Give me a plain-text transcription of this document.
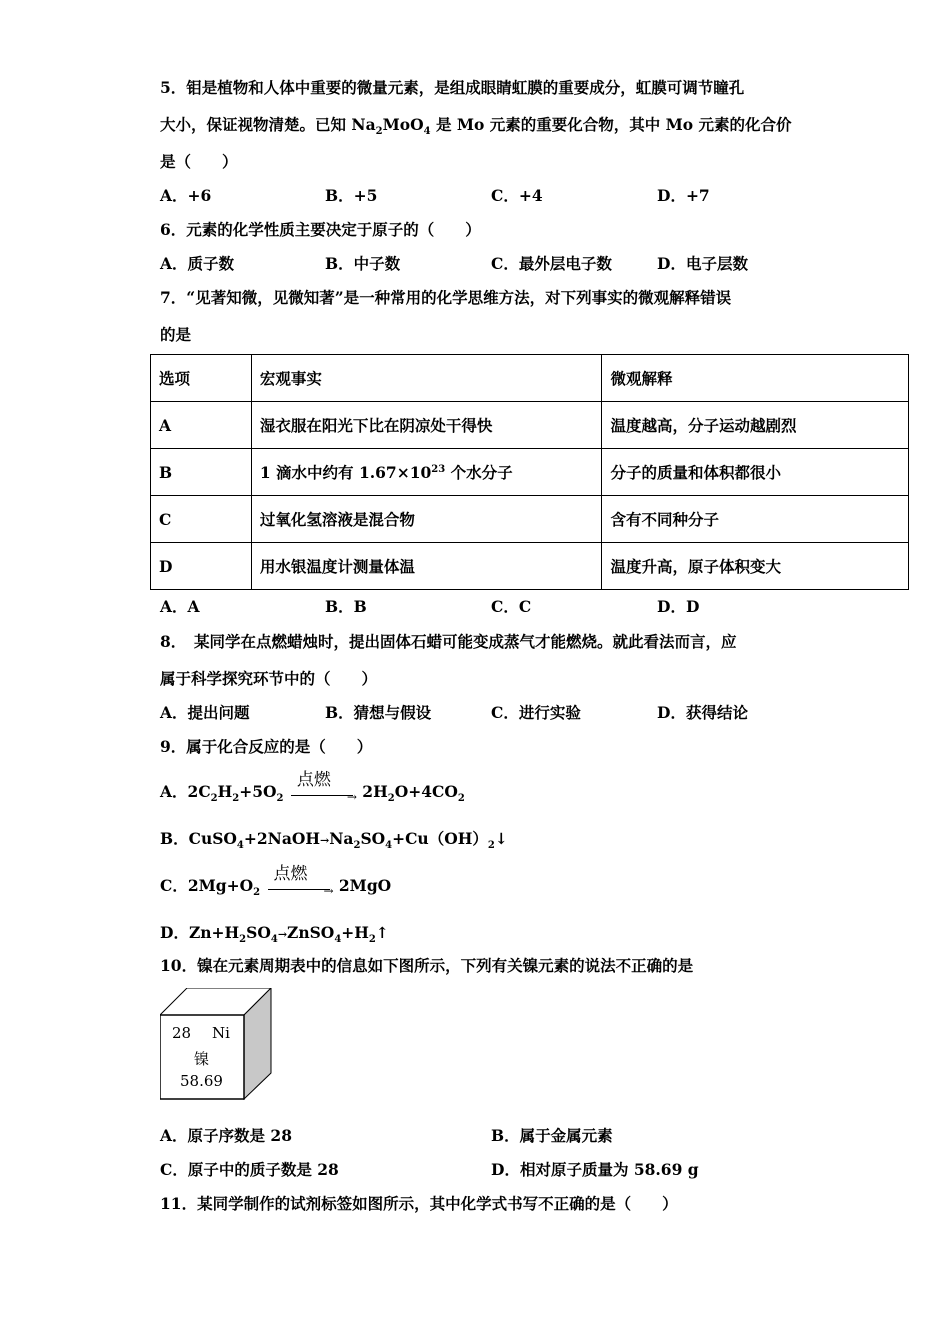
5．钼是植物和人体中重要的微量元素，是组成眼睛虹膜的重要成分，虹膜可调节瞳孔
大小，保证视物清楚。已知 $Na_2MoO_4$ 是 Mo 元素的重要化合物，其中 Mo 元素的化合价
是（　　）
A．+6	B．+5	C．+4	D．+7
6．元素的化学性质主要决定于原子的（　　）
A．质子数	B．中子数	C．最外层电子数	D．电子层数
7．“见著知微，见微知著”是一种常用的化学思维方法，对下列事实的微观解释错误
的是
选项	宏观事实	微观解释
A	湿衣服在阳光下比在阴凉处干得快	温度越高，分子运动越剧烈
B	1 滴水中约有 $1.67\times 10^{23}$ 个水分子	分子的质量和体积都很小
C	过氧化氢溶液是混合物	含有不同种分子
D	用水银温度计测量体温	温度升高，原子体积变大
A．A	B．B	C．C	D．D
8．　某同学在点燃蜡烛时，提出固体石蜡可能变成蒸气才能燃烧。就此看法而言，应
属于科学探究环节中的（　　）
A．提出问题	B．猜想与假设	C．进行实验	D．获得结论
9．属于化合反应的是（　　）
A．$2C_2H_2+5O_2$
点燃
→ $2H_2O+4CO_2$
B．$CuSO_4+2NaOH\to Na_2SO_4+Cu(OH)_2↓$
C．$2Mg+O_2$
点燃
→ 2MgO
D．$Zn+H_2SO_4\to ZnSO_4+H_2↑$
10．镍在元素周期表中的信息如下图所示，下列有关镍元素的说法不正确的是
28 Ni
镍
58.69
A．原子序数是 28	B．属于金属元素
C．原子中的质子数是 28	D．相对原子质量为 58.69 g
11．某同学制作的试剂标签如图所示，其中化学式书写不正确的是（　　）
